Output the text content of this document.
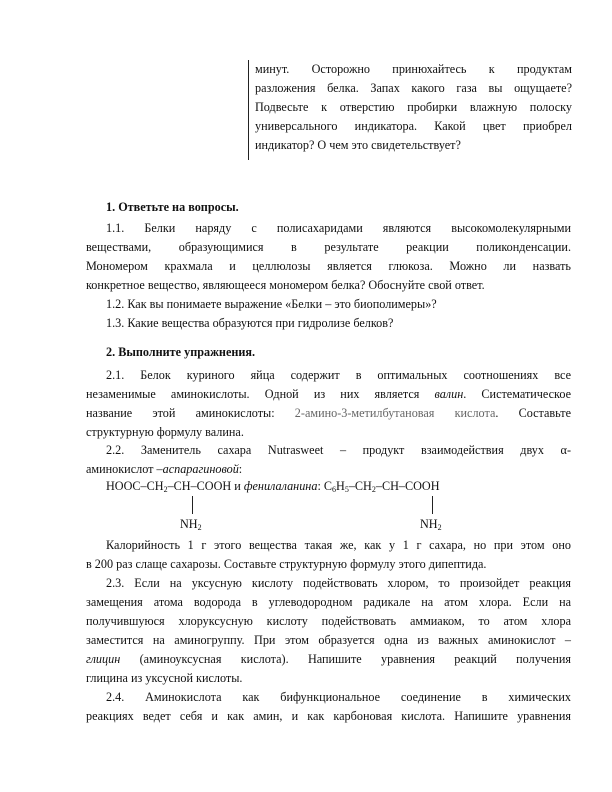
минут. Осторожно принюхайтесь к продуктам

разложения белка. Запах какого газа вы ощущаете?

Подвесьте к отверстию пробирки влажную полоску

универсального индикатора. Какой цвет приобрел

индикатор? О чем это свидетельствует?

1. Ответьте на вопросы.

1.1. Белки наряду с полисахаридами являются высокомолекулярными

веществами, образующимися в результате реакции поликонденсации.

Мономером крахмала и целлюлозы является глюкоза. Можно ли назвать

конкретное вещество, являющееся мономером белка? Обоснуйте свой ответ.

1.2. Как вы понимаете выражение «Белки – это биополимеры»?

1.3. Какие вещества образуются при гидролизе белков?

2. Выполните упражнения.

2.1. Белок куриного яйца содержит в оптимальных соотношениях все

незаменимые аминокислоты. Одной из них является валин. Систематическое

название этой аминокислоты: 2-амино-3-метилбутановая кислота. Составьте

структурную формулу валина.

2.2. Заменитель сахара Nutrasweet – продукт взаимодействия двух α-

аминокислот –аспарагиновой:

HOOC–$CH_2-CH$–COOH и фенилаланина: $C_6H_5-CH_2-CH$–COOH
$NH_2$	$NH_2$

Калорийность 1 г этого вещества такая же, как у 1 г сахара, но при этом оно

в 200 раз слаще сахарозы. Составьте структурную формулу этого дипептида.

2.3. Если на уксусную кислоту подействовать хлором, то произойдет реакция

замещения атома водорода в углеводородном радикале на атом хлора. Если на

получившуюся хлоруксусную кислоту подействовать аммиаком, то атом хлора

заместится на аминогруппу. При этом образуется одна из важных аминокислот –

глицин (аминоуксусная кислота). Напишите уравнения реакций получения

глицина из уксусной кислоты.

2.4. Аминокислота как бифункциональное соединение в химических

реакциях ведет себя и как амин, и как карбоновая кислота. Напишите уравнения
